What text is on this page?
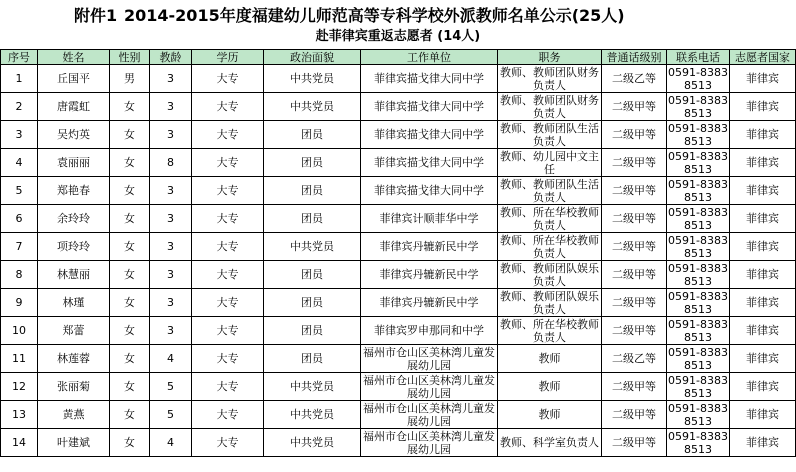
附件1 2014-2015年度福建幼儿师范高等专科学校外派教师名单公示(25人)
赴菲律宾重返志愿者 (14人)
序号	姓名	性别	教龄	学历	政治面貌	工作单位	职务	普通话级别	联系电话	志愿者国家
1	丘国平	男	3	大专	中共党员	菲律宾描戈律大同中学	教师、教师团队财务负责人	二级乙等	0591-83838513	菲律宾
2	唐霞虹	女	3	大专	中共党员	菲律宾描戈律大同中学	教师、教师团队财务负责人	二级甲等	0591-83838513	菲律宾
3	吴灼英	女	3	大专	团员	菲律宾描戈律大同中学	教师、教师团队生活负责人	二级甲等	0591-83838513	菲律宾
4	袁丽丽	女	8	大专	团员	菲律宾描戈律大同中学	教师、幼儿园中文主任	二级甲等	0591-83838513	菲律宾
5	郑艳春	女	3	大专	团员	菲律宾描戈律大同中学	教师、教师团队生活负责人	二级甲等	0591-83838513	菲律宾
6	余玲玲	女	3	大专	团员	菲律宾计顺菲华中学	教师、所在华校教师负责人	二级甲等	0591-83838513	菲律宾
7	项玲玲	女	3	大专	中共党员	菲律宾丹辘新民中学	教师、所在华校教师负责人	二级甲等	0591-83838513	菲律宾
8	林慧丽	女	3	大专	团员	菲律宾丹辘新民中学	教师、教师团队娱乐负责人	二级甲等	0591-83838513	菲律宾
9	林瑾	女	3	大专	团员	菲律宾丹辘新民中学	教师、教师团队娱乐负责人	二级甲等	0591-83838513	菲律宾
10	郑蕾	女	3	大专	团员	菲律宾罗申那同和中学	教师、所在华校教师负责人	二级甲等	0591-83838513	菲律宾
11	林莲蓉	女	4	大专	团员	福州市仓山区美林湾儿童发展幼儿园	教师	二级乙等	0591-83838513	菲律宾
12	张丽菊	女	5	大专	中共党员	福州市仓山区美林湾儿童发展幼儿园	教师	二级甲等	0591-83838513	菲律宾
13	黄燕	女	5	大专	中共党员	福州市仓山区美林湾儿童发展幼儿园	教师	二级甲等	0591-83838513	菲律宾
14	叶建斌	女	4	大专	中共党员	福州市仓山区美林湾儿童发展幼儿园	教师、科学室负责人	二级甲等	0591-83838513	菲律宾
